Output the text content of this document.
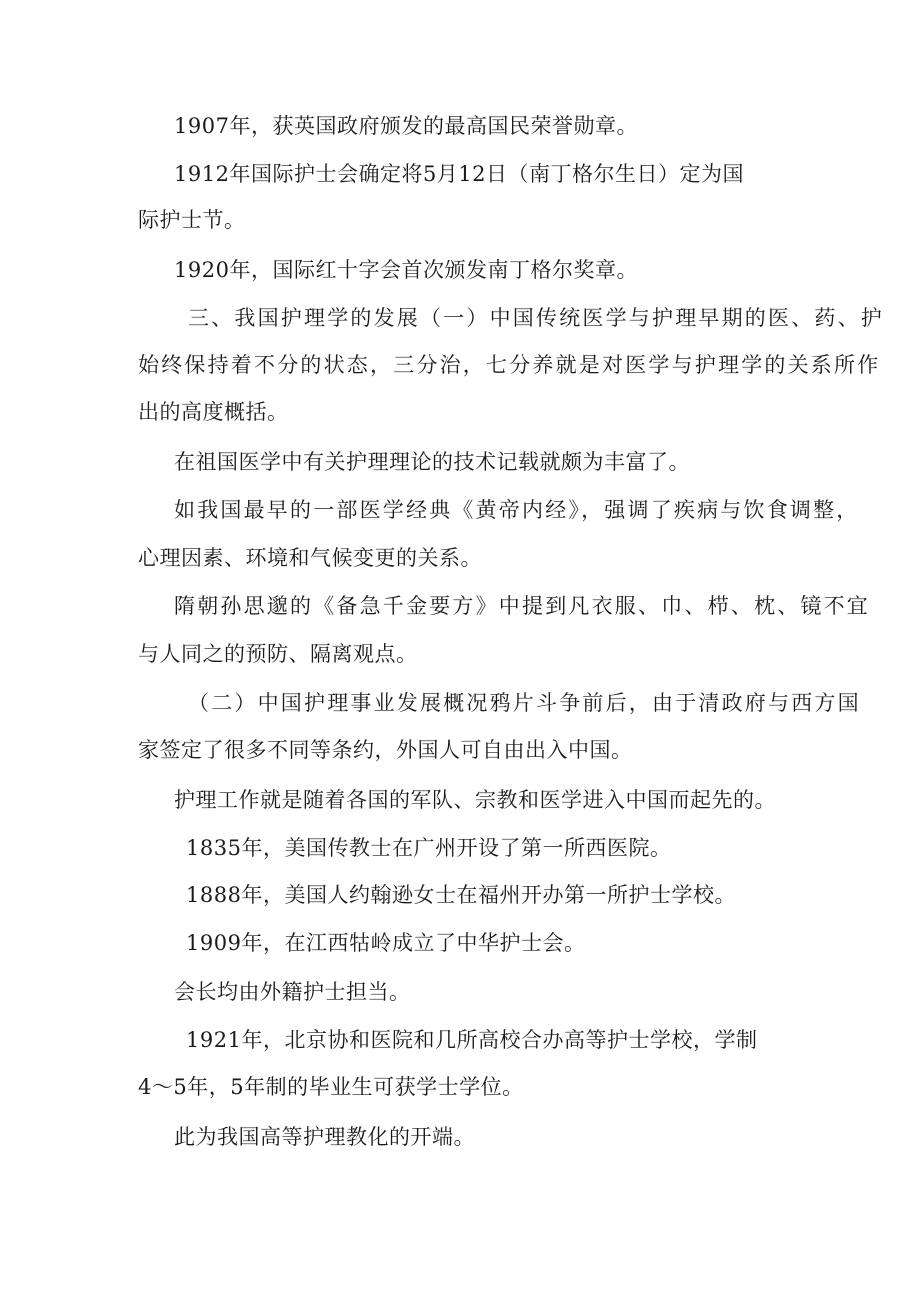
1907年，获英国政府颁发的最高国民荣誉勋章。
1912年国际护士会确定将5月12日（南丁格尔生日）定为国
际护士节。
1920年，国际红十字会首次颁发南丁格尔奖章。
三、我国护理学的发展（一）中国传统医学与护理早期的医、药、护
始终保持着不分的状态，三分治，七分养就是对医学与护理学的关系所作
出的高度概括。
在祖国医学中有关护理理论的技术记载就颇为丰富了。
如我国最早的一部医学经典《黄帝内经》，强调了疾病与饮食调整，
心理因素、环境和气候变更的关系。
隋朝孙思邈的《备急千金要方》中提到凡衣服、巾、栉、枕、镜不宜
与人同之的预防、隔离观点。
（二）中国护理事业发展概况鸦片斗争前后，由于清政府与西方国
家签定了很多不同等条约，外国人可自由出入中国。
护理工作就是随着各国的军队、宗教和医学进入中国而起先的。
1835年，美国传教士在广州开设了第一所西医院。
1888年，美国人约翰逊女士在福州开办第一所护士学校。
1909年，在江西牯岭成立了中华护士会。
会长均由外籍护士担当。
1921年，北京协和医院和几所高校合办高等护士学校，学制
4～5年，5年制的毕业生可获学士学位。
此为我国高等护理教化的开端。
